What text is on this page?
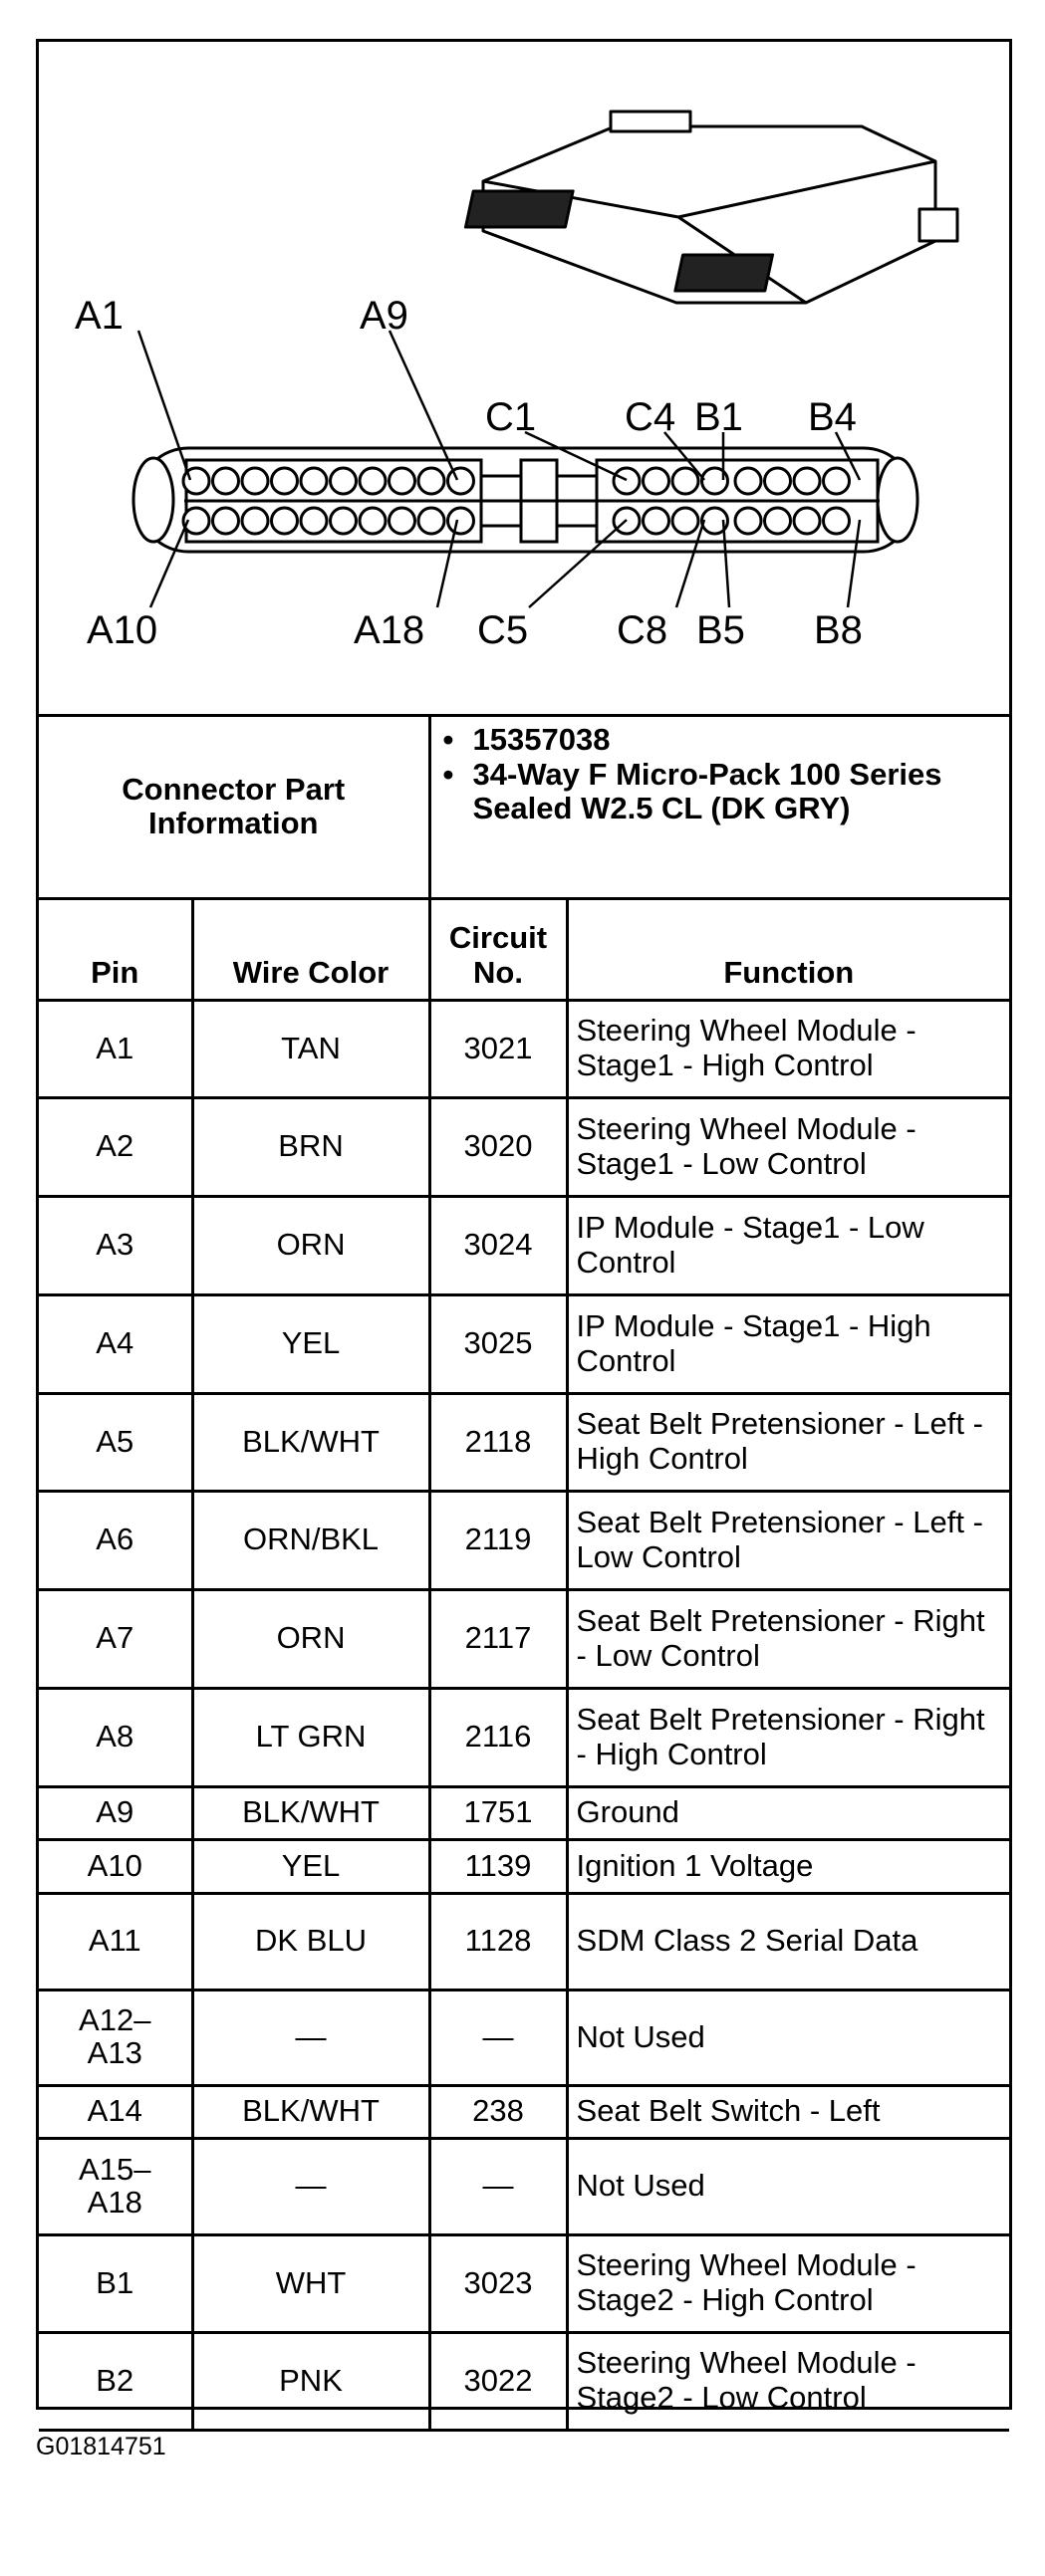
A1	A9
C1 C4 B1 B4
A10	A18 C5 C8 B5 B8
Connector Part Information		• 15357038
• 34-Way F Micro-Pack 100 Series Sealed W2.5 CL (DK GRY)

Pin	Wire Color	Circuit No.	Function
A1	TAN	3021	Steering Wheel Module - Stage1 - High Control
A2	BRN	3020	Steering Wheel Module - Stage1 - Low Control
A3	ORN	3024	IP Module - Stage1 - Low Control
A4	YEL	3025	IP Module - Stage1 - High Control
A5	BLK/WHT	2118	Seat Belt Pretensioner - Left - High Control
A6	ORN/BKL	2119	Seat Belt Pretensioner - Left - Low Control
A7	ORN	2117	Seat Belt Pretensioner - Right - Low Control
A8	LT GRN	2116	Seat Belt Pretensioner - Right - High Control
A9	BLK/WHT	1751	Ground
A10	YEL	1139	Ignition 1 Voltage
A11	DK BLU	1128	SDM Class 2 Serial Data
A12–A13	—	—	Not Used
A14	BLK/WHT	238	Seat Belt Switch - Left
A15–A18	—	—	Not Used
B1	WHT	3023	Steering Wheel Module - Stage2 - High Control
B2	PNK	3022	Steering Wheel Module - Stage2 - Low Control
G01814751
